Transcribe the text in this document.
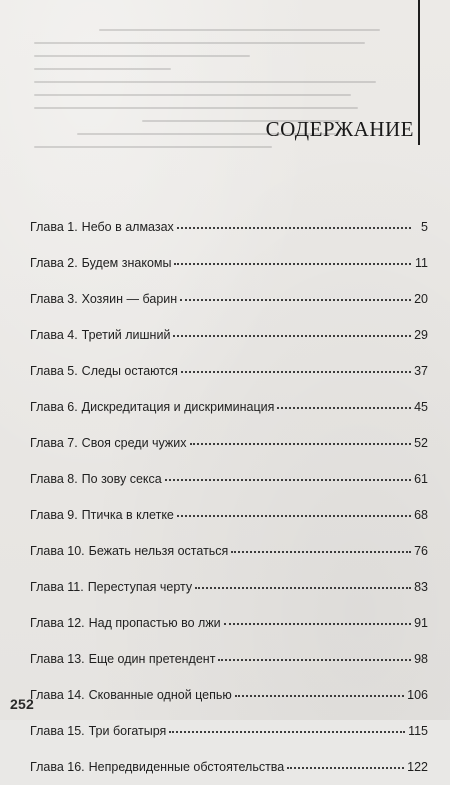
СОДЕРЖАНИЕ
Глава 1. Небо в алмазах	5
Глава 2. Будем знакомы	11
Глава 3. Хозяин — барин	20
Глава 4. Третий лишний	29
Глава 5. Следы остаются	37
Глава 6. Дискредитация и дискриминация	45
Глава 7. Своя среди чужих	52
Глава 8. По зову секса	61
Глава 9. Птичка в клетке	68
Глава 10. Бежать нельзя остаться	76
Глава 11. Переступая черту	83
Глава 12. Над пропастью во лжи	91
Глава 13. Еще один претендент	98
Глава 14. Скованные одной цепью	106
Глава 15. Три богатыря	115
Глава 16. Непредвиденные обстоятельства	122
252
